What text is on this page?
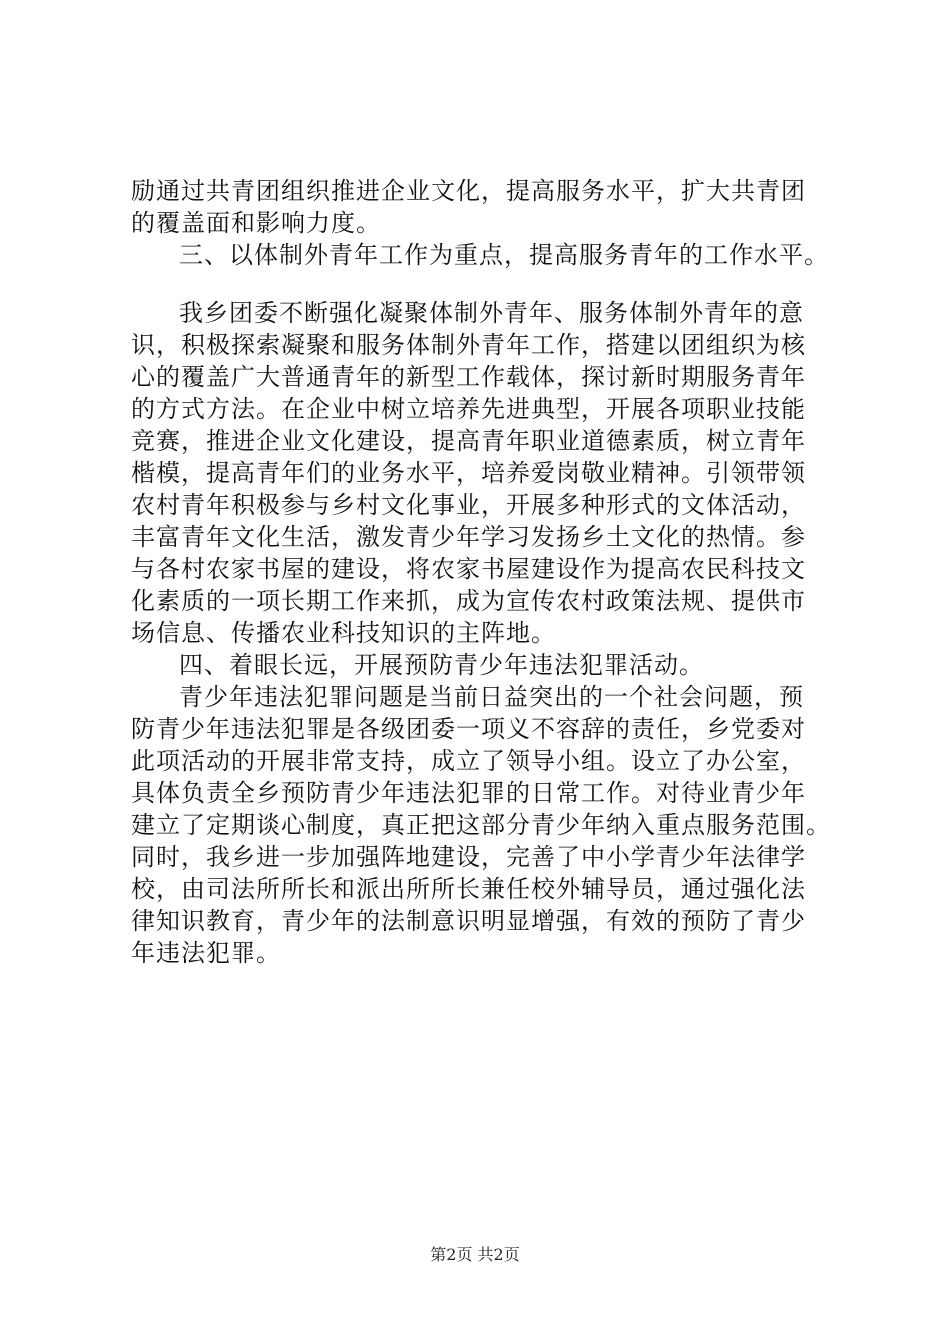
励通过共青团组织推进企业文化，提高服务水平，扩大共青团
的覆盖面和影响力度。
三、以体制外青年工作为重点，提高服务青年的工作水平。
我乡团委不断强化凝聚体制外青年、服务体制外青年的意
识，积极探索凝聚和服务体制外青年工作，搭建以团组织为核
心的覆盖广大普通青年的新型工作载体，探讨新时期服务青年
的方式方法。在企业中树立培养先进典型，开展各项职业技能
竞赛，推进企业文化建设，提高青年职业道德素质，树立青年
楷模，提高青年们的业务水平，培养爱岗敬业精神。引领带领
农村青年积极参与乡村文化事业，开展多种形式的文体活动，
丰富青年文化生活，激发青少年学习发扬乡土文化的热情。参
与各村农家书屋的建设，将农家书屋建设作为提高农民科技文
化素质的一项长期工作来抓，成为宣传农村政策法规、提供市
场信息、传播农业科技知识的主阵地。
四、着眼长远，开展预防青少年违法犯罪活动。
青少年违法犯罪问题是当前日益突出的一个社会问题，预
防青少年违法犯罪是各级团委一项义不容辞的责任，乡党委对
此项活动的开展非常支持，成立了领导小组。设立了办公室，
具体负责全乡预防青少年违法犯罪的日常工作。对待业青少年
建立了定期谈心制度，真正把这部分青少年纳入重点服务范围。
同时，我乡进一步加强阵地建设，完善了中小学青少年法律学
校，由司法所所长和派出所所长兼任校外辅导员，通过强化法
律知识教育，青少年的法制意识明显增强，有效的预防了青少
年违法犯罪。
第2页 共2页
